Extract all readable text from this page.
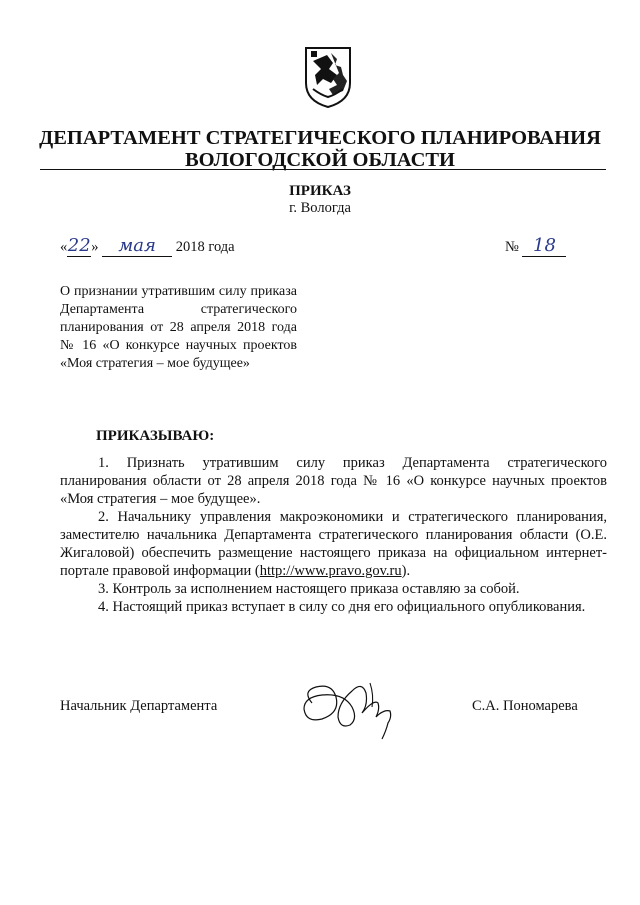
ДЕПАРТАМЕНТ СТРАТЕГИЧЕСКОГО ПЛАНИРОВАНИЯ
ВОЛОГОДСКОЙ ОБЛАСТИ
ПРИКАЗ
г. Вологда
«22» мая 2018 года	№ 18
О признании утратившим силу приказа Департамента стратегического планирования от 28 апреля 2018 года № 16 «О конкурсе научных проектов «Моя стратегия – мое будущее»
ПРИКАЗЫВАЮ:

1. Признать утратившим силу приказ Департамента стратегического планирования области от 28 апреля 2018 года № 16 «О конкурсе научных проектов «Моя стратегия – мое будущее».

2. Начальнику управления макроэкономики и стратегического планирования, заместителю начальника Департамента стратегического планирования области (О.Е. Жигаловой) обеспечить размещение настоящего приказа на официальном интернет-портале правовой информации (http://www.pravo.gov.ru).

3. Контроль за исполнением настоящего приказа оставляю за собой.

4. Настоящий приказ вступает в силу со дня его официального опубликования.

Начальник Департамента	С.А. Пономарева
